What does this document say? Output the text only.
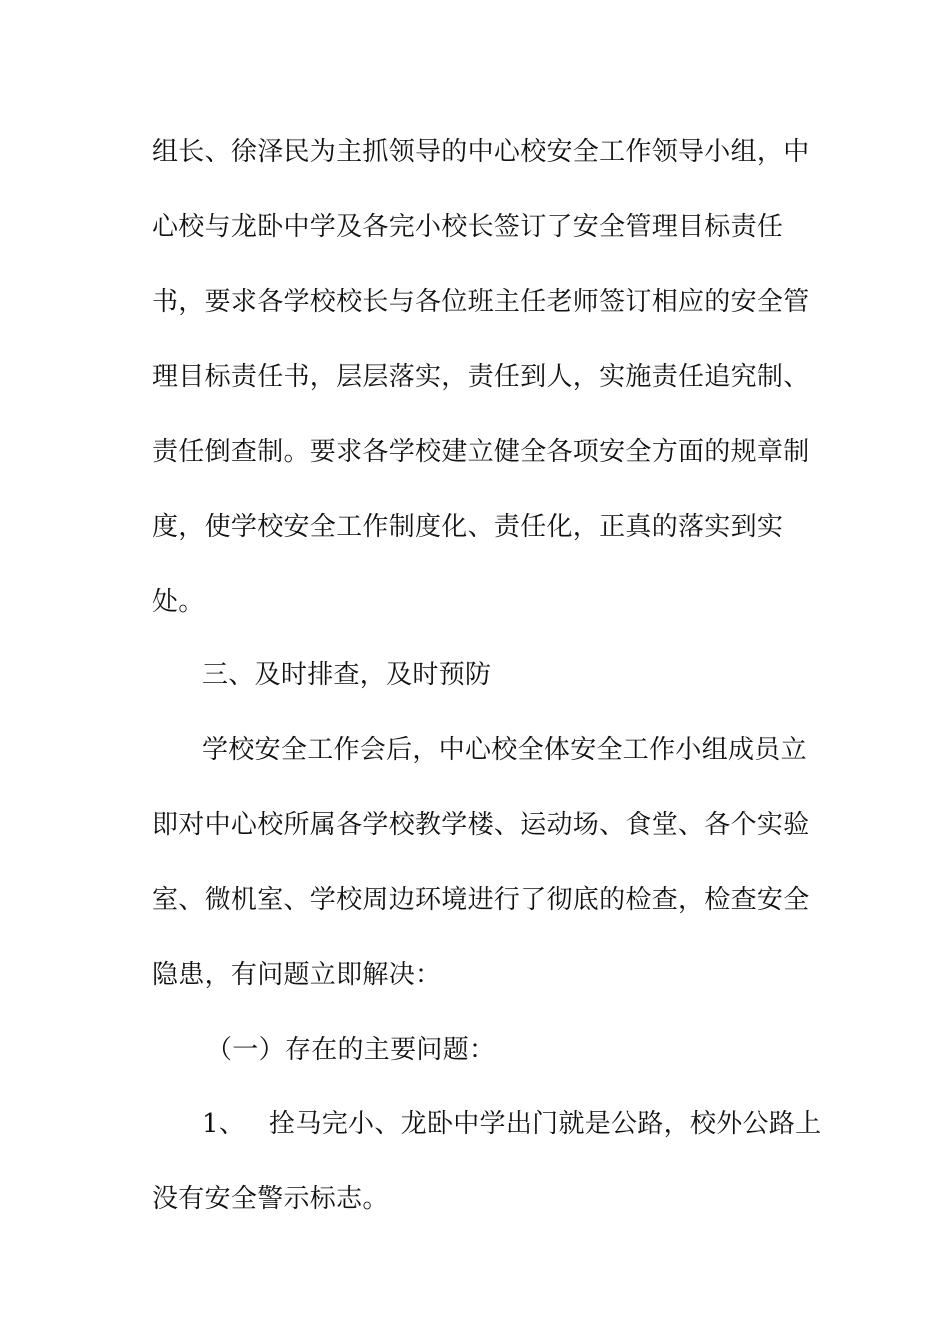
组长、徐泽民为主抓领导的中心校安全工作领导小组，中
心校与龙卧中学及各完小校长签订了安全管理目标责任
书，要求各学校校长与各位班主任老师签订相应的安全管
理目标责任书，层层落实，责任到人，实施责任追究制、
责任倒查制。要求各学校建立健全各项安全方面的规章制
度，使学校安全工作制度化、责任化，正真的落实到实
处。
三、及时排查，及时预防
学校安全工作会后，中心校全体安全工作小组成员立
即对中心校所属各学校教学楼、运动场、食堂、各个实验
室、微机室、学校周边环境进行了彻底的检查，检查安全
隐患，有问题立即解决：
（一）存在的主要问题：
1、 拴马完小、龙卧中学出门就是公路，校外公路上
没有安全警示标志。
